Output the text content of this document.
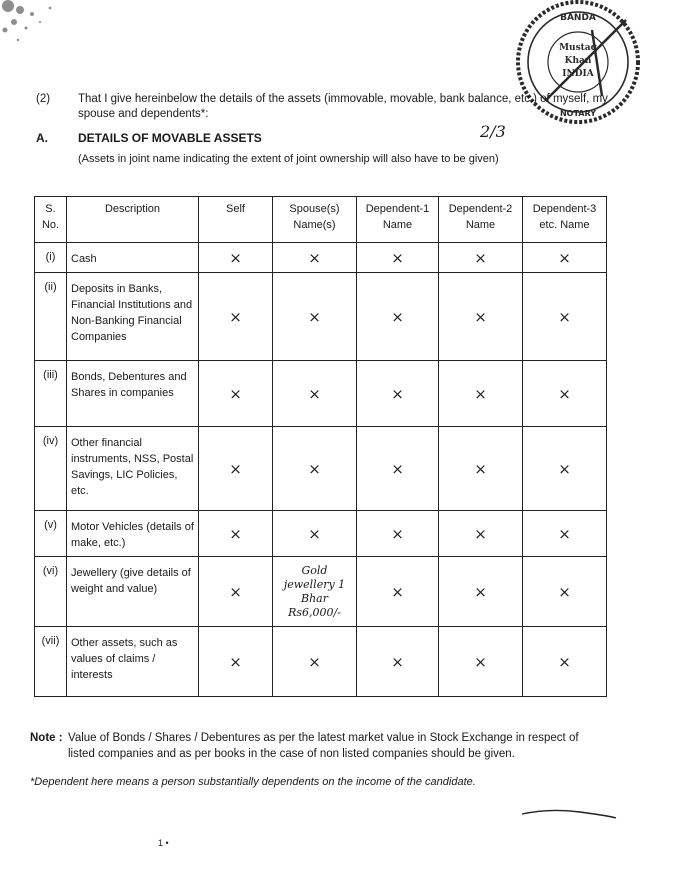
BANDA
Mustaq
Khan
INDIA
NOTARY
(2) That I give hereinbelow the details of the assets (immovable, movable, bank balance, etc.) of myself, my spouse and dependents*:
A.	DETAILS OF MOVABLE ASSETS	2/3
(Assets in joint name indicating the extent of joint ownership will also have to be given)
S. No.	Description	Self	Spouse(s) Name(s)	Dependent-1 Name	Dependent-2 Name	Dependent-3 etc. Name
(i)	Cash	×	×	×	×	×
(ii)	Deposits in Banks, Financial Institutions and Non-Banking Financial Companies	×	×	×	×	×
(iii)	Bonds, Debentures and Shares in companies	×	×	×	×	×
(iv)	Other financial instruments, NSS, Postal Savings, LIC Policies, etc.	×	×	×	×	×
(v)	Motor Vehicles (details of make, etc.)	×	×	×	×	×
(vi)	Jewellery (give details of weight and value)	×	Gold jewellery 1 Bhar Rs6,000/-	×	×	×
(vii)	Other assets, such as values of claims / interests	×	×	×	×	×
Note : Value of Bonds / Shares / Debentures as per the latest market value in Stock Exchange in respect of listed companies and as per books in the case of non listed companies should be given.
*Dependent here means a person substantially dependents on the income of the candidate.
1 •
